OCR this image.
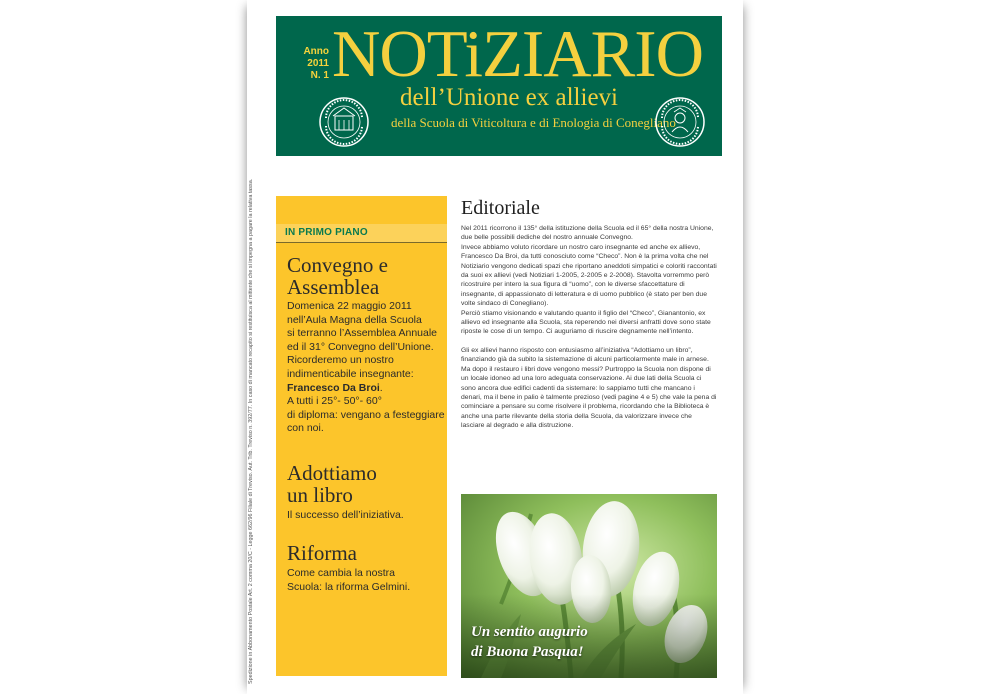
Anno 2011
N. 1 NOTiZIARIO
dell’Unione ex allievi
della Scuola di Viticoltura e di Enologia di Conegliano
Spedizione in Abbonamento Postale Art. 2 comma 20/C - Legge 662/96 Filiale di Treviso. Aut. Trib. Treviso n. 392/77. In caso di mancato recapito si restituisca al mittente che si impegna a pagare la relativa tassa.	IN PRIMO PIANO
Convegno e Assemblea
Domenica 22 maggio 2011
nell’Aula Magna della Scuola
si terranno l’Assemblea Annuale
ed il 31° Convegno dell’Unione.
Ricorderemo un nostro
indimenticabile insegnante:
Francesco Da Broi.
A tutti i 25°- 50°- 60°
di diploma: vengano a festeggiare
con noi.
Adottiamo un libro
Il successo dell’iniziativa.
Riforma
Come cambia la nostra
Scuola: la riforma Gelmini.
Editoriale

Nel 2011 ricorrono il 135° della istituzione della Scuola ed il 65° della nostra Unione, due belle possibili dediche del nostro annuale Convegno.

Invece abbiamo voluto ricordare un nostro caro insegnante ed anche ex allievo, Francesco Da Broi, da tutti conosciuto come “Checo”. Non è la prima volta che nel Notiziario vengono dedicati spazi che riportano aneddoti simpatici e coloriti raccontati da suoi ex allievi (vedi Notiziari 1-2005, 2-2005 e 2-2008). Stavolta vorremmo però ricostruire per intero la sua figura di “uomo”, con le diverse sfaccettature di insegnante, di appassionato di letteratura e di uomo pubblico (è stato per ben due volte sindaco di Conegliano).

Perciò stiamo visionando e valutando quanto il figlio del “Checo”, Gianantonio, ex allievo ed insegnante alla Scuola, sta reperendo nei diversi anfratti dove sono state riposte le cose di un tempo. Ci auguriamo di riuscire degnamente nell’intento.

Gli ex allievi hanno risposto con entusiasmo all’iniziativa “Adottiamo un libro”, finanziando già da subito la sistemazione di alcuni particolarmente male in arnese. Ma dopo il restauro i libri dove vengono messi? Purtroppo la Scuola non dispone di un locale idoneo ad una loro adeguata conservazione. Ai due lati della Scuola ci sono ancora due edifici cadenti da sistemare: lo sappiamo tutti che mancano i denari, ma il bene in palio è talmente prezioso (vedi pagine 4 e 5) che vale la pena di cominciare a pensare su come risolvere il problema, ricordando che la Biblioteca è anche una parte rilevante della storia della Scuola, da valorizzare invece che lasciare al degrado e alla distruzione.

Un sentito augurio
di Buona Pasqua!
